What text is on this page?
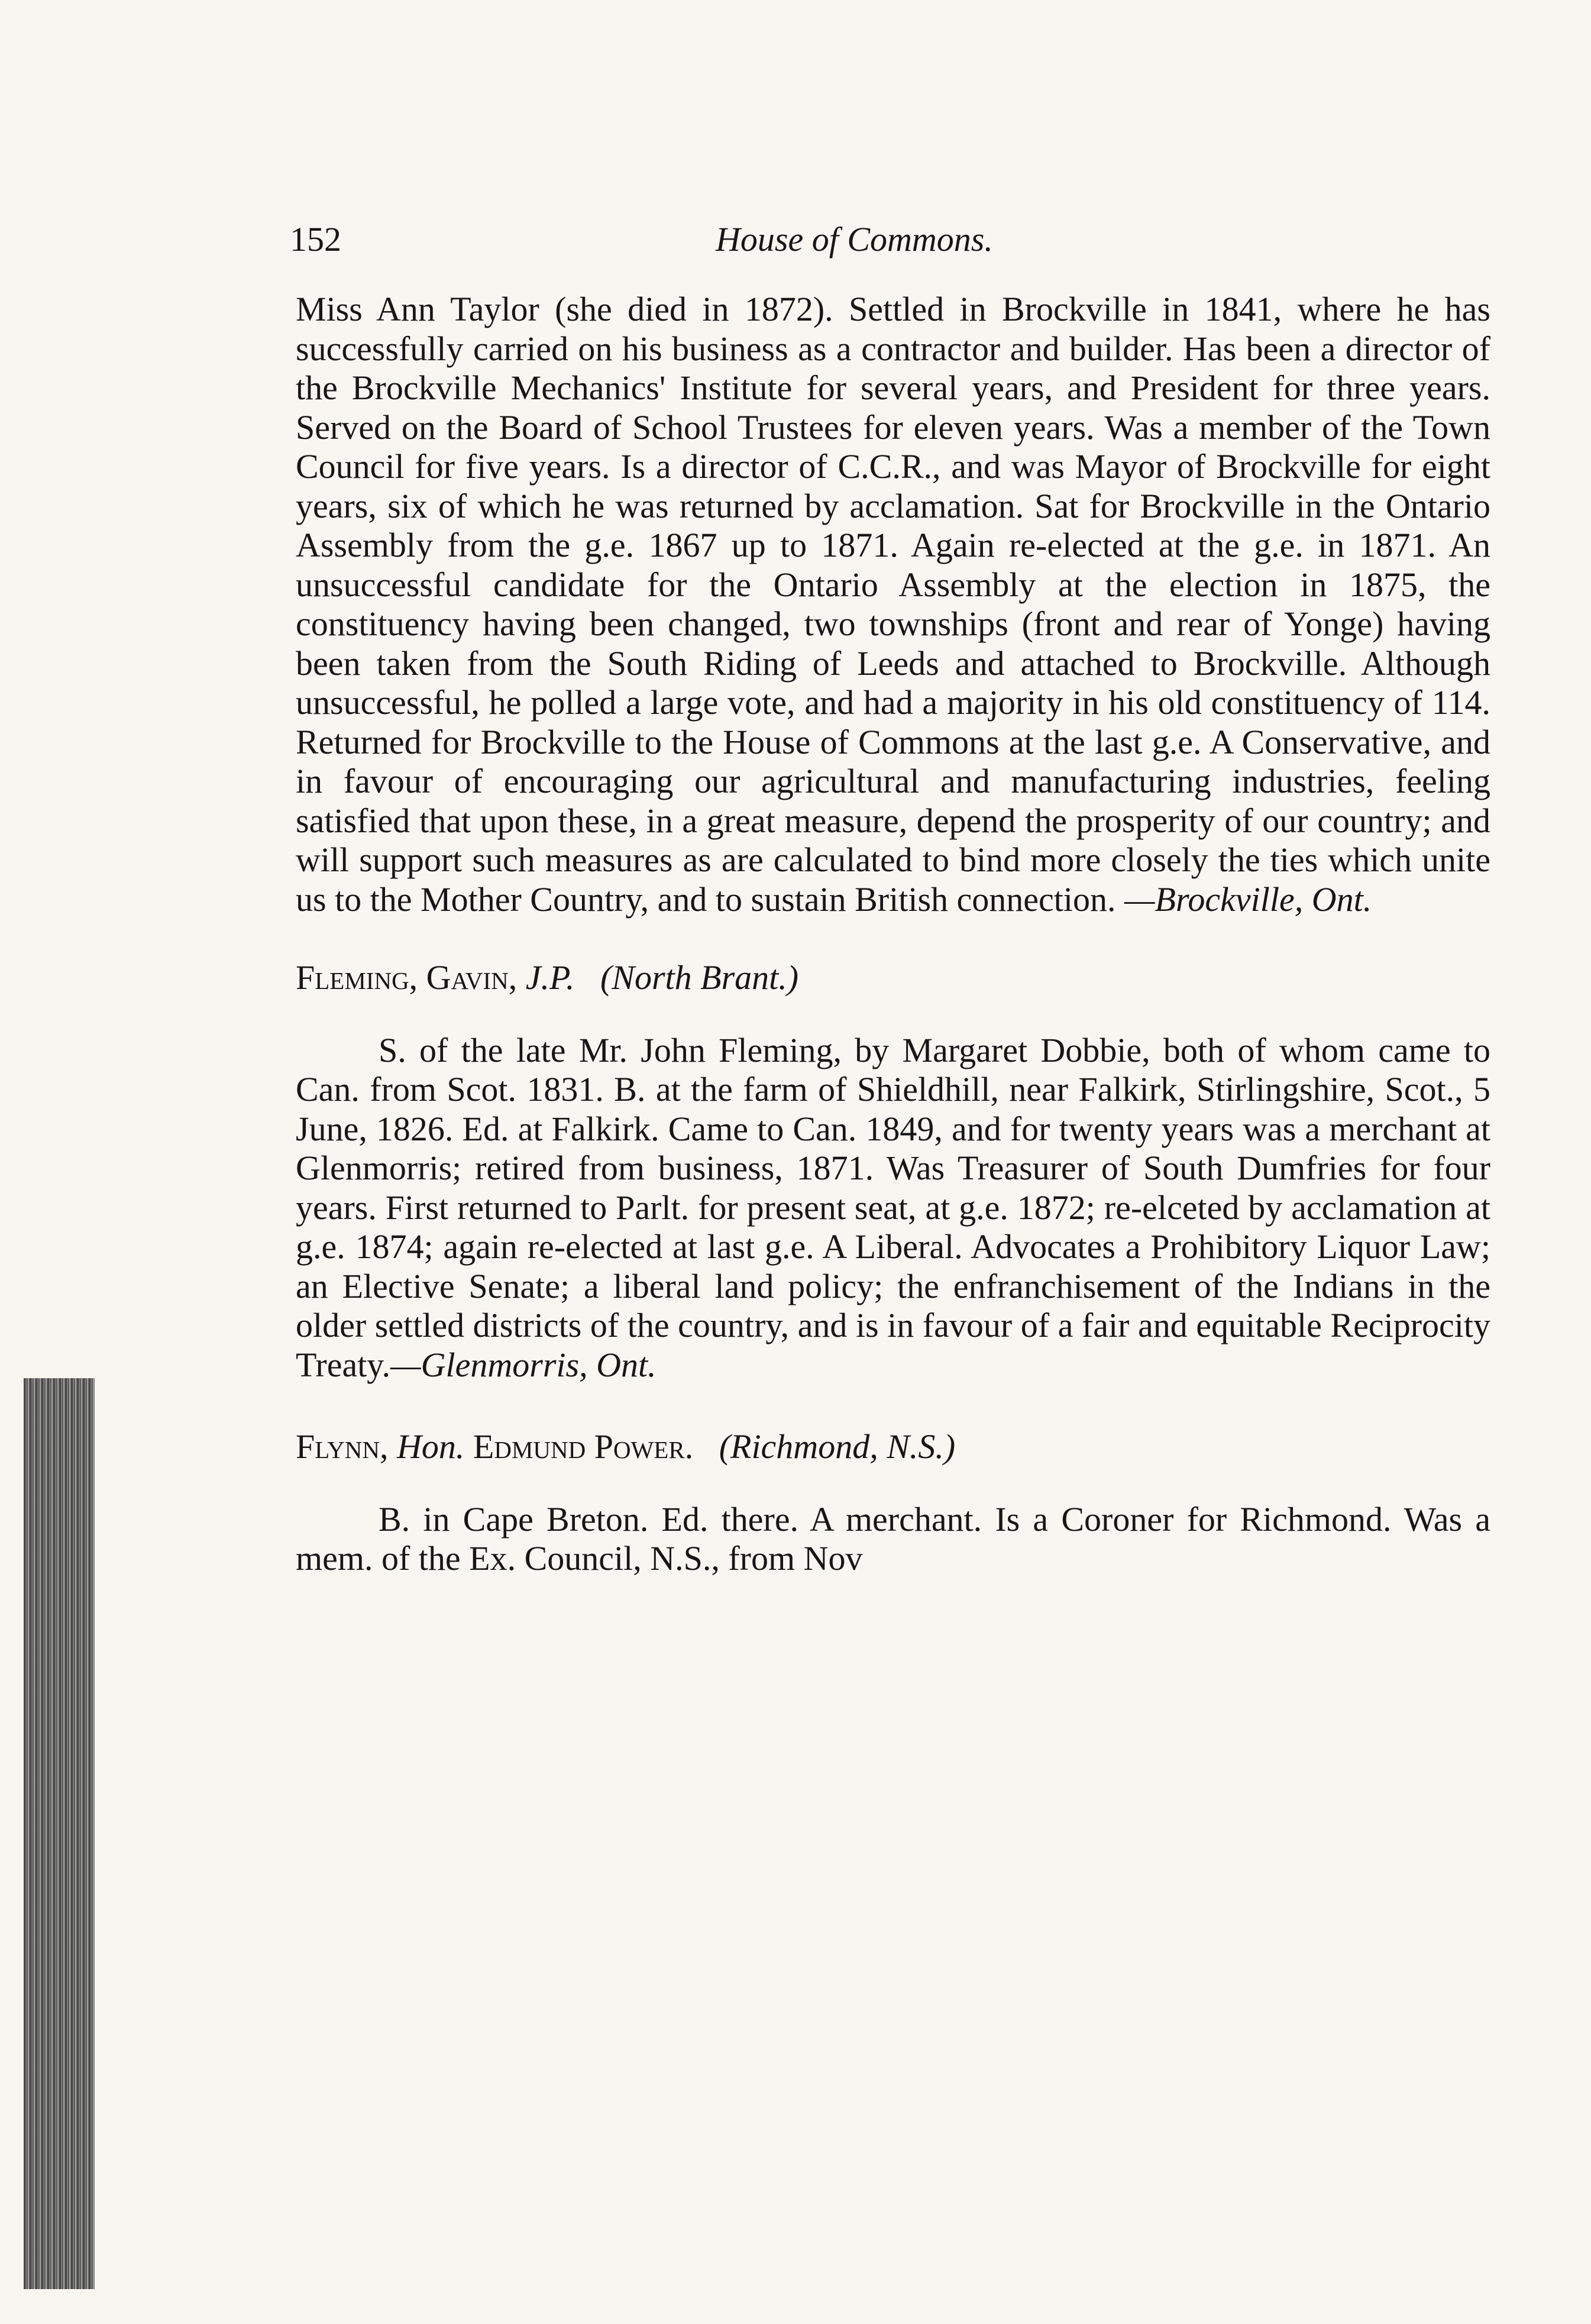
152	House of Commons.

Miss Ann Taylor (she died in 1872). Settled in Brockville in 1841, where he has successfully carried on his business as a contractor and builder. Has been a director of the Brockville Mechanics' Institute for several years, and President for three years. Served on the Board of School Trustees for eleven years. Was a member of the Town Council for five years. Is a director of C.C.R., and was Mayor of Brockville for eight years, six of which he was returned by acclamation. Sat for Brockville in the Ontario Assembly from the g.e. 1867 up to 1871. Again re-elected at the g.e. in 1871. An unsuccessful candidate for the Ontario Assembly at the election in 1875, the constituency having been changed, two townships (front and rear of Yonge) having been taken from the South Riding of Leeds and attached to Brockville. Although unsuccessful, he polled a large vote, and had a majority in his old constituency of 114. Returned for Brockville to the House of Commons at the last g.e. A Conservative, and in favour of encouraging our agricultural and manufacturing industries, feeling satisfied that upon these, in a great measure, depend the prosperity of our country; and will support such measures as are calculated to bind more closely the ties which unite us to the Mother Country, and to sustain British connection. —Brockville, Ont.

Fleming, Gavin, J.P. (North Brant.)

S. of the late Mr. John Fleming, by Margaret Dobbie, both of whom came to Can. from Scot. 1831. B. at the farm of Shieldhill, near Falkirk, Stirlingshire, Scot., 5 June, 1826. Ed. at Falkirk. Came to Can. 1849, and for twenty years was a merchant at Glenmorris; retired from business, 1871. Was Treasurer of South Dumfries for four years. First returned to Parlt. for present seat, at g.e. 1872; re-elceted by acclamation at g.e. 1874; again re-elected at last g.e. A Liberal. Advocates a Prohibitory Liquor Law; an Elective Senate; a liberal land policy; the enfranchisement of the Indians in the older settled districts of the country, and is in favour of a fair and equitable Reciprocity Treaty.—Glenmorris, Ont.

Flynn, Hon. Edmund Power. (Richmond, N.S.)

B. in Cape Breton. Ed. there. A merchant. Is a Coroner for Richmond. Was a mem. of the Ex. Council, N.S., from Nov
